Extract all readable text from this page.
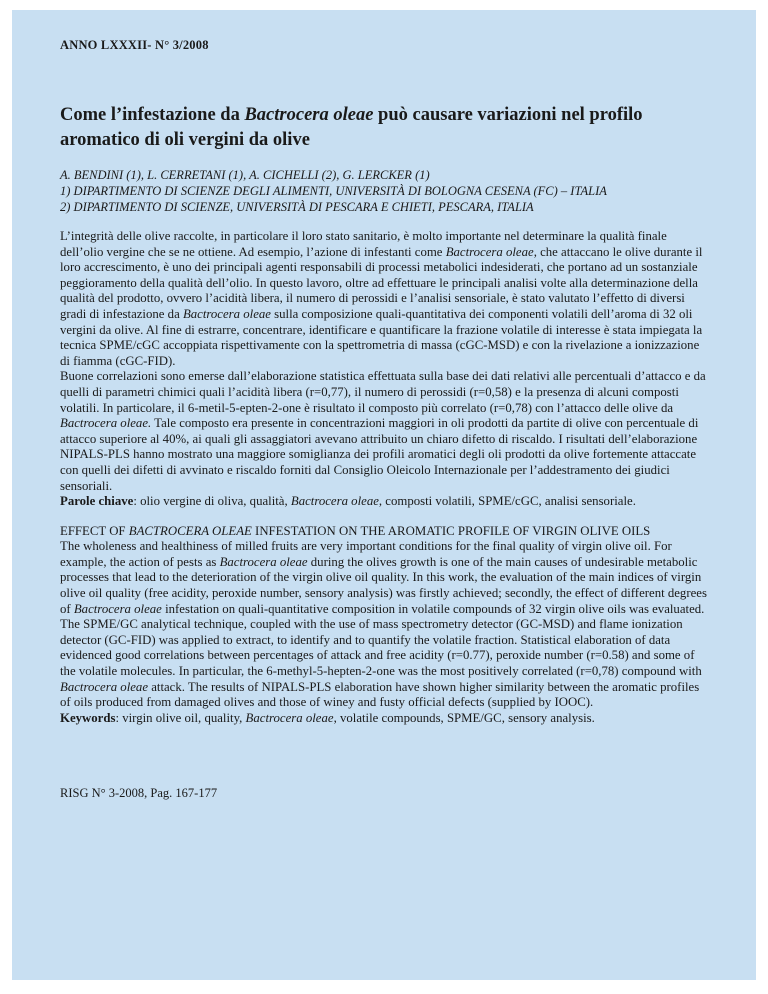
ANNO LXXXII- N° 3/2008

Come l’infestazione da Bactrocera oleae può causare variazioni nel profilo aromatico di oli vergini da olive
A. BENDINI (1), L. CERRETANI (1), A. CICHELLI (2), G. LERCKER (1)
1) DIPARTIMENTO DI SCIENZE DEGLI ALIMENTI, UNIVERSITÀ DI BOLOGNA CESENA (FC) – ITALIA
2) DIPARTIMENTO DI SCIENZE, UNIVERSITÀ DI PESCARA E CHIETI, PESCARA, ITALIA

L’integrità delle olive raccolte, in particolare il loro stato sanitario, è molto importante nel determinare la qualità finale dell’olio vergine che se ne ottiene. Ad esempio, l’azione di infestanti come Bactrocera oleae, che attaccano le olive durante il loro accrescimento, è uno dei principali agenti responsabili di processi metabolici indesiderati, che portano ad un sostanziale peggioramento della qualità dell’olio. In questo lavoro, oltre ad effettuare le principali analisi volte alla determinazione della qualità del prodotto, ovvero l’acidità libera, il numero di perossidi e l’analisi sensoriale, è stato valutato l’effetto di diversi gradi di infestazione da Bactrocera oleae sulla composizione quali-quantitativa dei componenti volatili dell’aroma di 32 oli vergini da olive. Al fine di estrarre, concentrare, identificare e quantificare la frazione volatile di interesse è stata impiegata la tecnica SPME/cGC accoppiata rispettivamente con la spettrometria di massa (cGC-MSD) e con la rivelazione a ionizzazione di fiamma (cGC-FID).

Buone correlazioni sono emerse dall’elaborazione statistica effettuata sulla base dei dati relativi alle percentuali d’attacco e da quelli di parametri chimici quali l’acidità libera (r=0,77), il numero di perossidi (r=0,58) e la presenza di alcuni composti volatili. In particolare, il 6-metil-5-epten-2-one è risultato il composto più correlato (r=0,78) con l’attacco delle olive da Bactrocera oleae. Tale composto era presente in concentrazioni maggiori in oli prodotti da partite di olive con percentuale di attacco superiore al 40%, ai quali gli assaggiatori avevano attribuito un chiaro difetto di riscaldo. I risultati dell’elaborazione NIPALS-PLS hanno mostrato una maggiore somiglianza dei profili aromatici degli oli prodotti da olive fortemente attaccate con quelli dei difetti di avvinato e riscaldo forniti dal Consiglio Oleicolo Internazionale per l’addestramento dei giudici sensoriali.

Parole chiave: olio vergine di oliva, qualità, Bactrocera oleae, composti volatili, SPME/cGC, analisi sensoriale.

EFFECT OF BACTROCERA OLEAE INFESTATION ON THE AROMATIC PROFILE OF VIRGIN OLIVE OILS

The wholeness and healthiness of milled fruits are very important conditions for the final quality of virgin olive oil. For example, the action of pests as Bactrocera oleae during the olives growth is one of the main causes of undesirable metabolic processes that lead to the deterioration of the virgin olive oil quality. In this work, the evaluation of the main indices of virgin olive oil quality (free acidity, peroxide number, sensory analysis) was firstly achieved; secondly, the effect of different degrees of Bactrocera oleae infestation on quali-quantitative composition in volatile compounds of 32 virgin olive oils was evaluated.

The SPME/GC analytical technique, coupled with the use of mass spectrometry detector (GC-MSD) and flame ionization detector (GC-FID) was applied to extract, to identify and to quantify the volatile fraction. Statistical elaboration of data evidenced good correlations between percentages of attack and free acidity (r=0.77), peroxide number (r=0.58) and some of the volatile molecules. In particular, the 6-methyl-5-hepten-2-one was the most positively correlated (r=0,78) compound with Bactrocera oleae attack. The results of NIPALS-PLS elaboration have shown higher similarity between the aromatic profiles of oils produced from damaged olives and those of winey and fusty official defects (supplied by IOOC).

Keywords: virgin olive oil, quality, Bactrocera oleae, volatile compounds, SPME/GC, sensory analysis.

RISG N° 3-2008, Pag. 167-177
